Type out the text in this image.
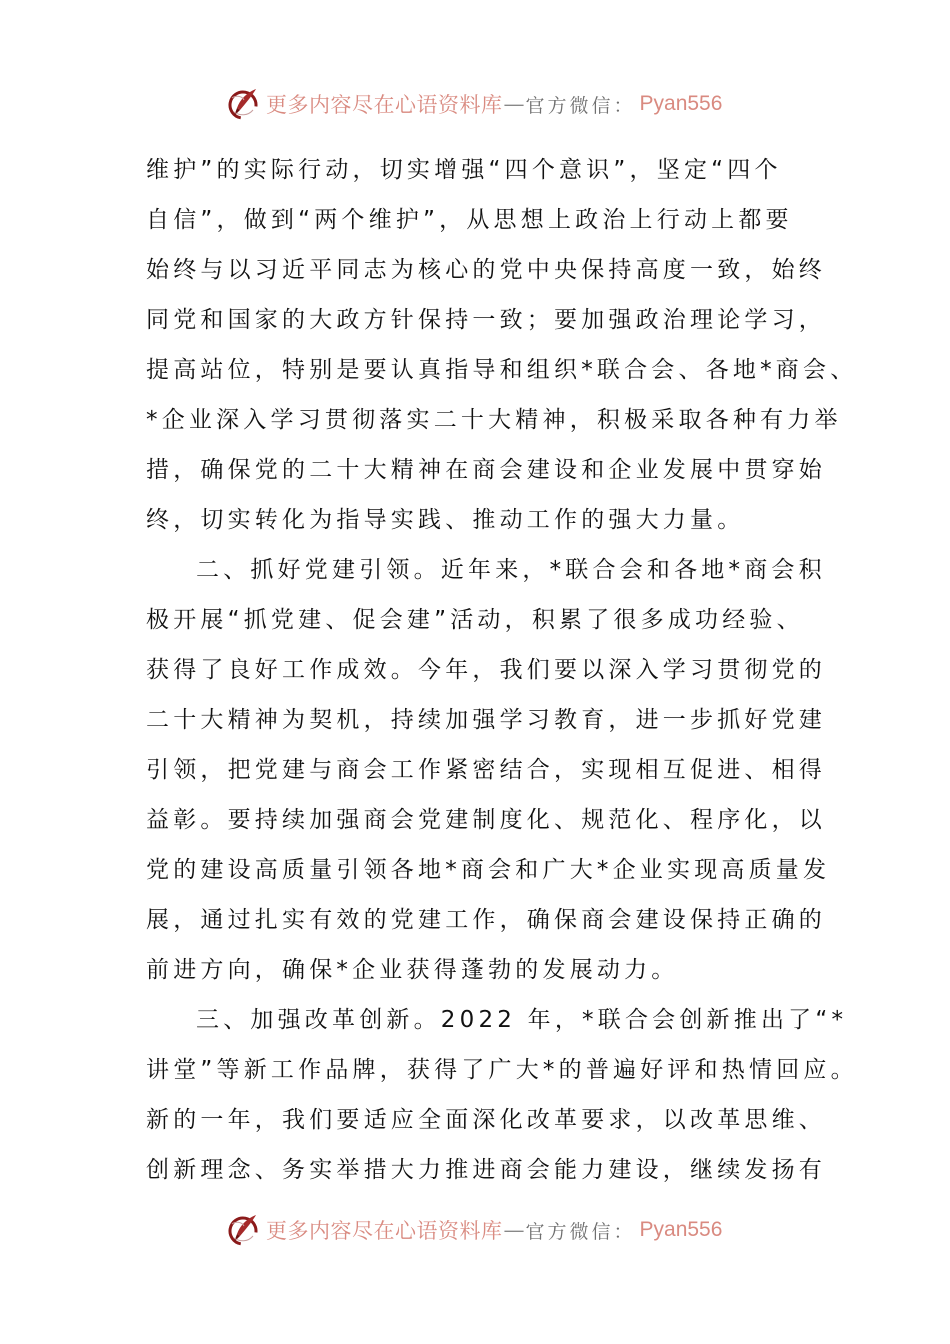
更多内容尽在心语资料库 — 官方微信： Pyan556
维护”的实际行动，切实增强“四个意识”，坚定“四个
自信”，做到“两个维护”，从思想上政治上行动上都要
始终与以习近平同志为核心的党中央保持高度一致，始终
同党和国家的大政方针保持一致；要加强政治理论学习，
提高站位，特别是要认真指导和组织*联合会、各地*商会、
*企业深入学习贯彻落实二十大精神，积极采取各种有力举
措，确保党的二十大精神在商会建设和企业发展中贯穿始
终，切实转化为指导实践、推动工作的强大力量。
二、抓好党建引领。近年来，*联合会和各地*商会积
极开展“抓党建、促会建”活动，积累了很多成功经验、
获得了良好工作成效。今年，我们要以深入学习贯彻党的
二十大精神为契机，持续加强学习教育，进一步抓好党建
引领，把党建与商会工作紧密结合，实现相互促进、相得
益彰。要持续加强商会党建制度化、规范化、程序化，以
党的建设高质量引领各地*商会和广大*企业实现高质量发
展，通过扎实有效的党建工作，确保商会建设保持正确的
前进方向，确保*企业获得蓬勃的发展动力。
三、加强改革创新。2022 年，*联合会创新推出了“*
讲堂”等新工作品牌，获得了广大*的普遍好评和热情回应。
新的一年，我们要适应全面深化改革要求，以改革思维、
创新理念、务实举措大力推进商会能力建设，继续发扬有
更多内容尽在心语资料库 — 官方微信： Pyan556
